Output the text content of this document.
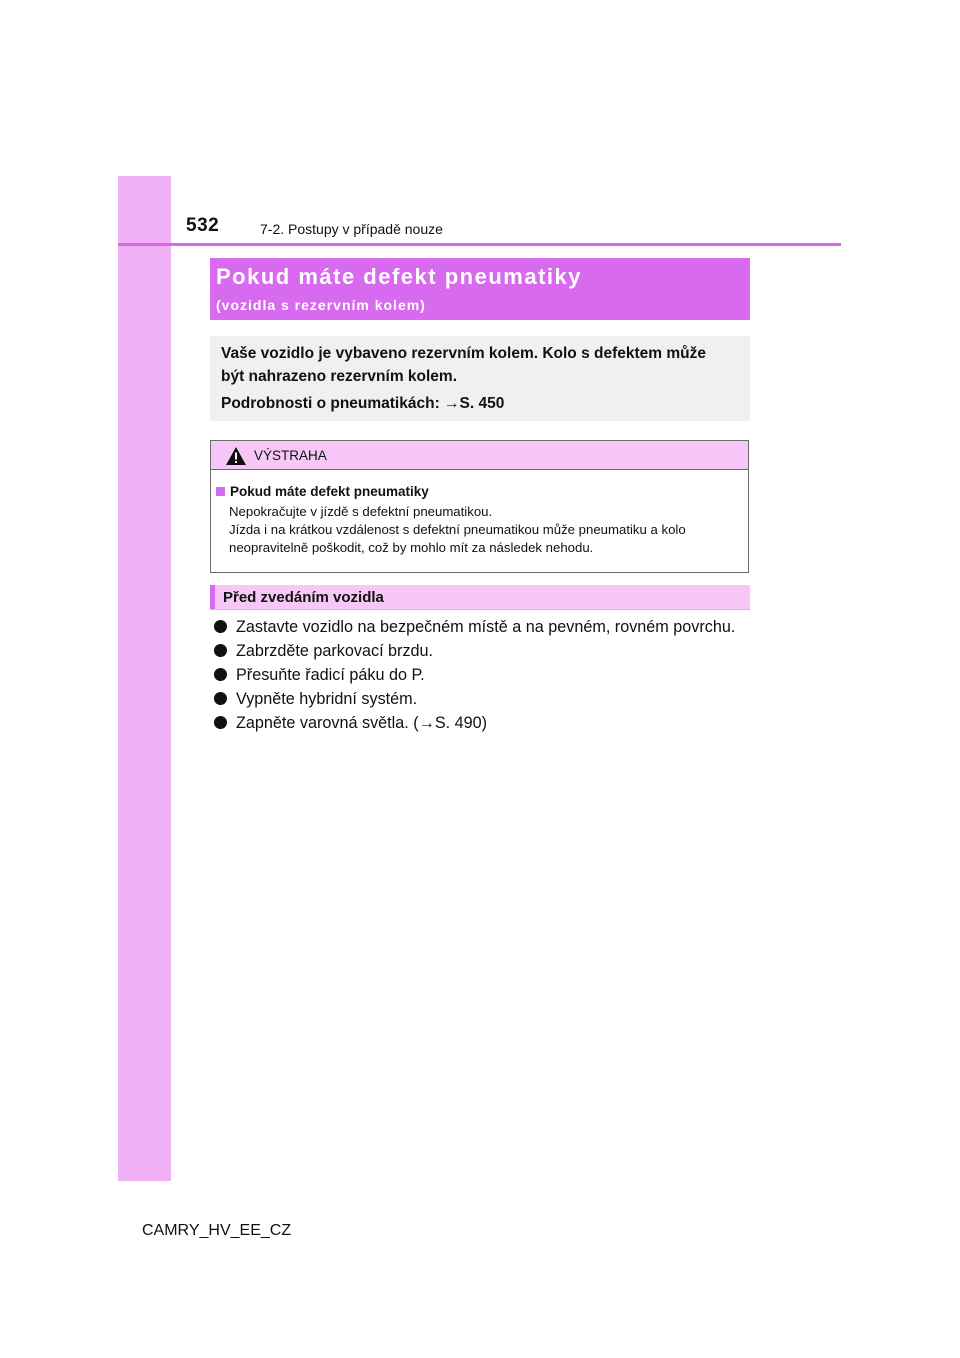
532	7-2. Postupy v případě nouze
Pokud máte defekt pneumatiky
(vozidla s rezervním kolem)
Vaše vozidlo je vybaveno rezervním kolem. Kolo s defektem může
být nahrazeno rezervním kolem.
Podrobnosti o pneumatikách: →S. 450
VÝSTRAHA
Pokud máte defekt pneumatiky
Nepokračujte v jízdě s defektní pneumatikou.
Jízda i na krátkou vzdálenost s defektní pneumatikou může pneumatiku a kolo
neopravitelně poškodit, což by mohlo mít za následek nehodu.
Před zvedáním vozidla
Zastavte vozidlo na bezpečném místě a na pevném, rovném povrchu.
Zabrzděte parkovací brzdu.
Přesuňte řadicí páku do P.
Vypněte hybridní systém.
Zapněte varovná světla. (→S. 490)
CAMRY_HV_EE_CZ
